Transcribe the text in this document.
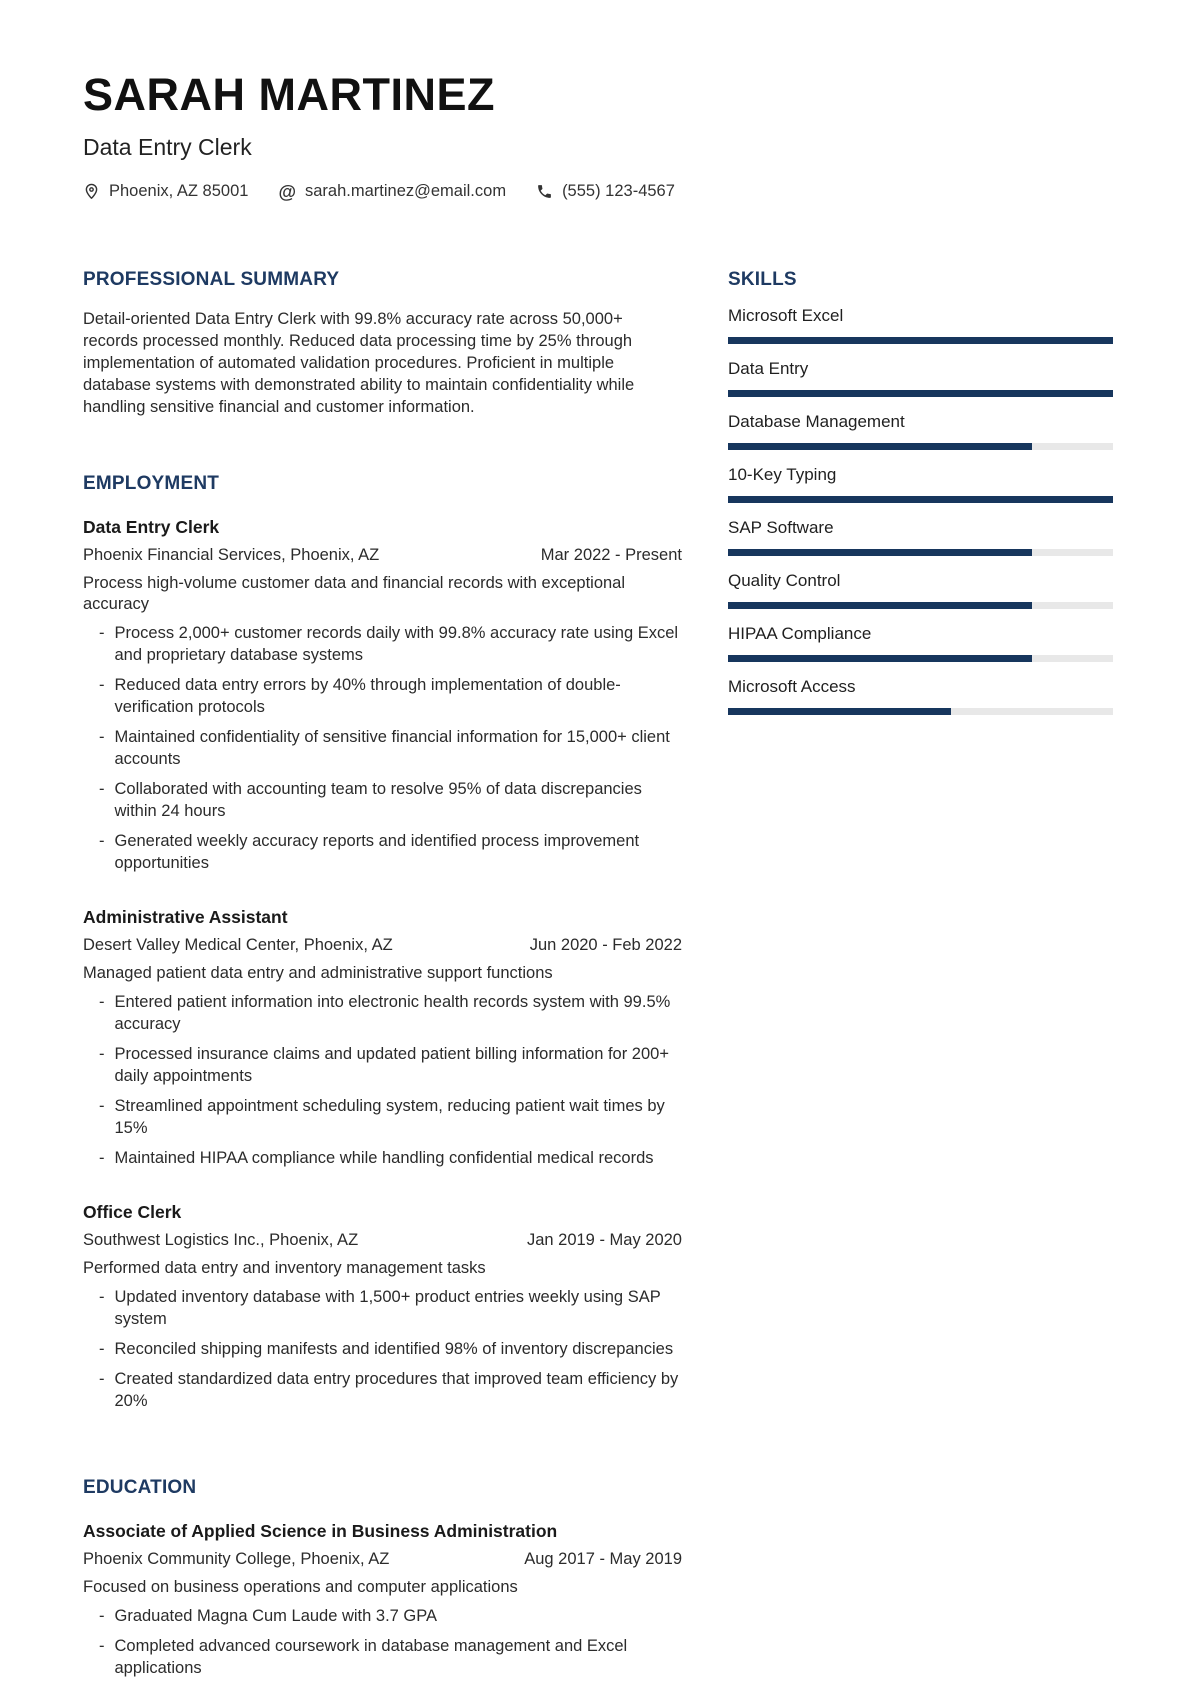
SARAH MARTINEZ
Data Entry Clerk
Phoenix, AZ 85001 @ sarah.martinez@email.com	(555) 123-4567
PROFESSIONAL SUMMARY
Detail-oriented Data Entry Clerk with 99.8% accuracy rate across 50,000+ records processed monthly. Reduced data processing time by 25% through implementation of automated validation procedures. Proficient in multiple database systems with demonstrated ability to maintain confidentiality while handling sensitive financial and customer information.
EMPLOYMENT
Data Entry Clerk
Phoenix Financial Services, Phoenix, AZ	Mar 2022 - Present
Process high-volume customer data and financial records with exceptional accuracy
- Process 2,000+ customer records daily with 99.8% accuracy rate using Excel and proprietary database systems
- Reduced data entry errors by 40% through implementation of double-verification protocols
- Maintained confidentiality of sensitive financial information for 15,000+ client accounts
- Collaborated with accounting team to resolve 95% of data discrepancies within 24 hours
- Generated weekly accuracy reports and identified process improvement opportunities
Administrative Assistant
Desert Valley Medical Center, Phoenix, AZ	Jun 2020 - Feb 2022
Managed patient data entry and administrative support functions
- Entered patient information into electronic health records system with 99.5% accuracy
- Processed insurance claims and updated patient billing information for 200+ daily appointments
- Streamlined appointment scheduling system, reducing patient wait times by 15%
- Maintained HIPAA compliance while handling confidential medical records
Office Clerk
Southwest Logistics Inc., Phoenix, AZ	Jan 2019 - May 2020
Performed data entry and inventory management tasks
- Updated inventory database with 1,500+ product entries weekly using SAP system
- Reconciled shipping manifests and identified 98% of inventory discrepancies
- Created standardized data entry procedures that improved team efficiency by 20%
EDUCATION
Associate of Applied Science in Business Administration
Phoenix Community College, Phoenix, AZ	Aug 2017 - May 2019
Focused on business operations and computer applications
- Graduated Magna Cum Laude with 3.7 GPA
- Completed advanced coursework in database management and Excel applications
SKILLS
Microsoft Excel
Data Entry
Database Management
10-Key Typing
SAP Software
Quality Control
HIPAA Compliance
Microsoft Access
